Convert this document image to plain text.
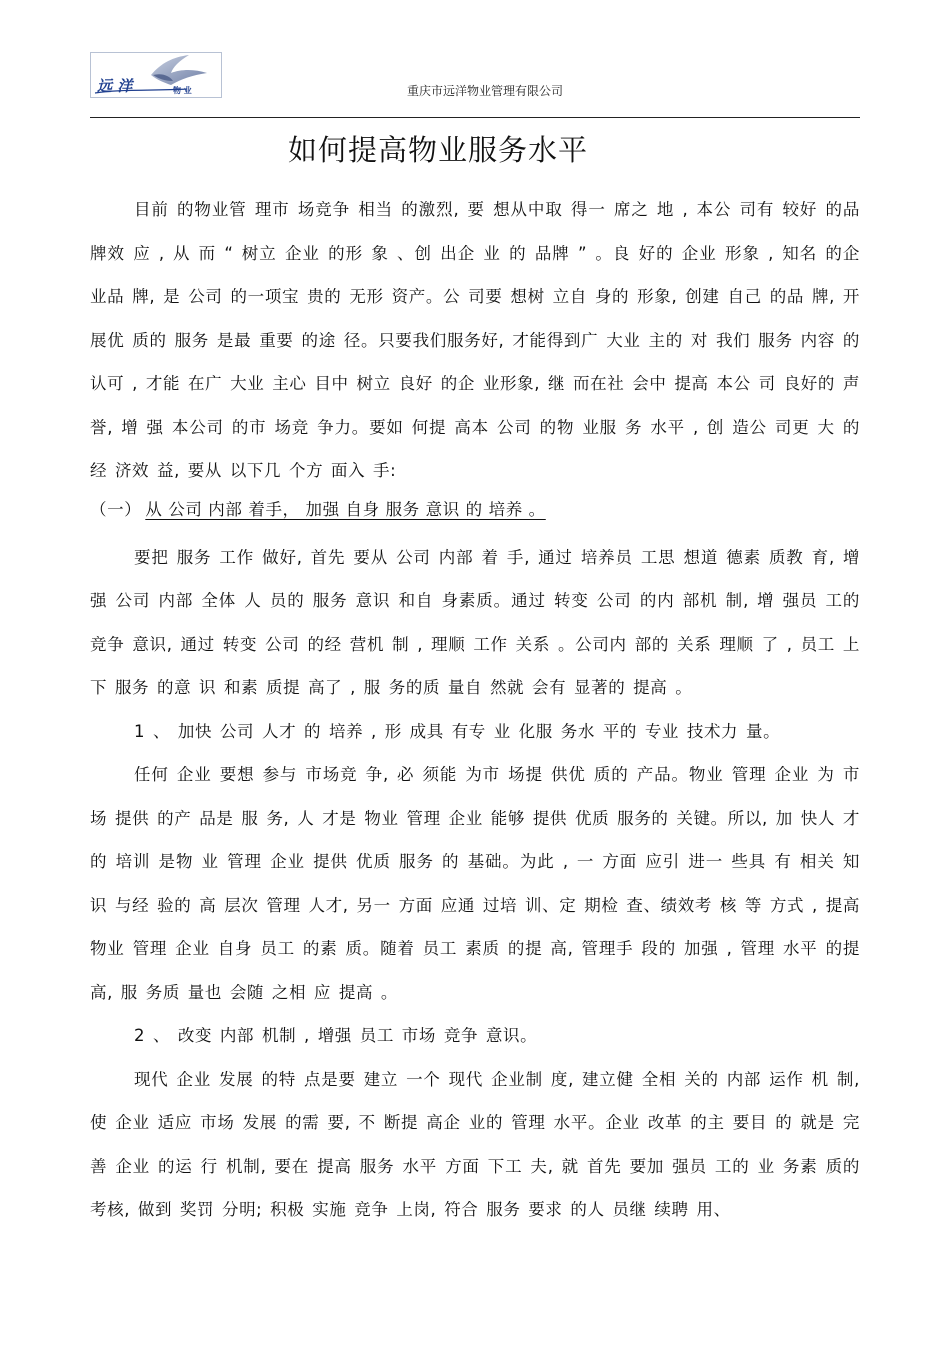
远 洋	物 业	重庆市远洋物业管理有限公司
如何提高物业服务水平

目前 的物业管 理市 场竞争 相当 的激烈, 要 想从中取 得一 席之 地 , 本公 司有 较好 的品 牌效 应 , 从 而 “ 树立 企业 的形 象 、创 出企 业 的 品牌 ” 。良 好的 企业 形象 , 知名 的企 业品 牌, 是 公司 的一项宝 贵的 无形 资产。公 司要 想树 立自 身的 形象, 创建 自己 的品 牌, 开 展优 质的 服务 是最 重要 的途 径。只要我们服务好, 才能得到广 大业 主的 对 我们 服务 内容 的 认可 , 才能 在广 大业 主心 目中 树立 良好 的企 业形象, 继 而在社 会中 提高 本公 司 良好的 声 誉, 增 强 本公司 的市 场竞 争力。要如 何提 高本 公司 的物 业服 务 水平 , 创 造公 司更 大 的经 济效 益, 要从 以下几 个方 面入 手:

（一） 从 公司 内部 着手， 加强 自身 服务 意识 的 培养 。

要把 服务 工作 做好, 首先 要从 公司 内部 着 手, 通过 培养员 工思 想道 德素 质教 育, 增强 公司 内部 全体 人 员的 服务 意识 和自 身素质。通过 转变 公司 的内 部机 制, 增 强员 工的 竞争 意识, 通过 转变 公司 的经 营机 制 , 理顺 工作 关系 。公司内 部的 关系 理顺 了 , 员工 上下 服务 的意 识 和素 质提 高了 , 服 务的质 量自 然就 会有 显著的 提高 。

1 、 加快 公司 人才 的 培养 , 形 成具 有专 业 化服 务水 平的 专业 技术力 量。

任何 企业 要想 参与 市场竞 争, 必 须能 为市 场提 供优 质的 产品。物业 管理 企业 为 市场 提供 的产 品是 服 务, 人 才是 物业 管理 企业 能够 提供 优质 服务的 关键。所以, 加 快人 才的 培训 是物 业 管理 企业 提供 优质 服务 的 基础。为此 , 一 方面 应引 进一 些具 有 相关 知识 与经 验的 高 层次 管理 人才, 另一 方面 应通 过培 训、定 期检 查、绩效考 核 等 方式 , 提高 物业 管理 企业 自身 员工 的素 质。随着 员工 素质 的提 高, 管理手 段的 加强 , 管理 水平 的提 高, 服 务质 量也 会随 之相 应 提高 。

2 、 改变 内部 机制 , 增强 员工 市场 竞争 意识。

现代 企业 发展 的特 点是要 建立 一个 现代 企业制 度, 建立健 全相 关的 内部 运作 机 制, 使 企业 适应 市场 发展 的需 要, 不 断提 高企 业的 管理 水平。企业 改革 的主 要目 的 就是 完善 企业 的运 行 机制, 要在 提高 服务 水平 方面 下工 夫, 就 首先 要加 强员 工的 业 务素 质的 考核, 做到 奖罚 分明; 积极 实施 竞争 上岗, 符合 服务 要求 的人 员继 续聘 用、
